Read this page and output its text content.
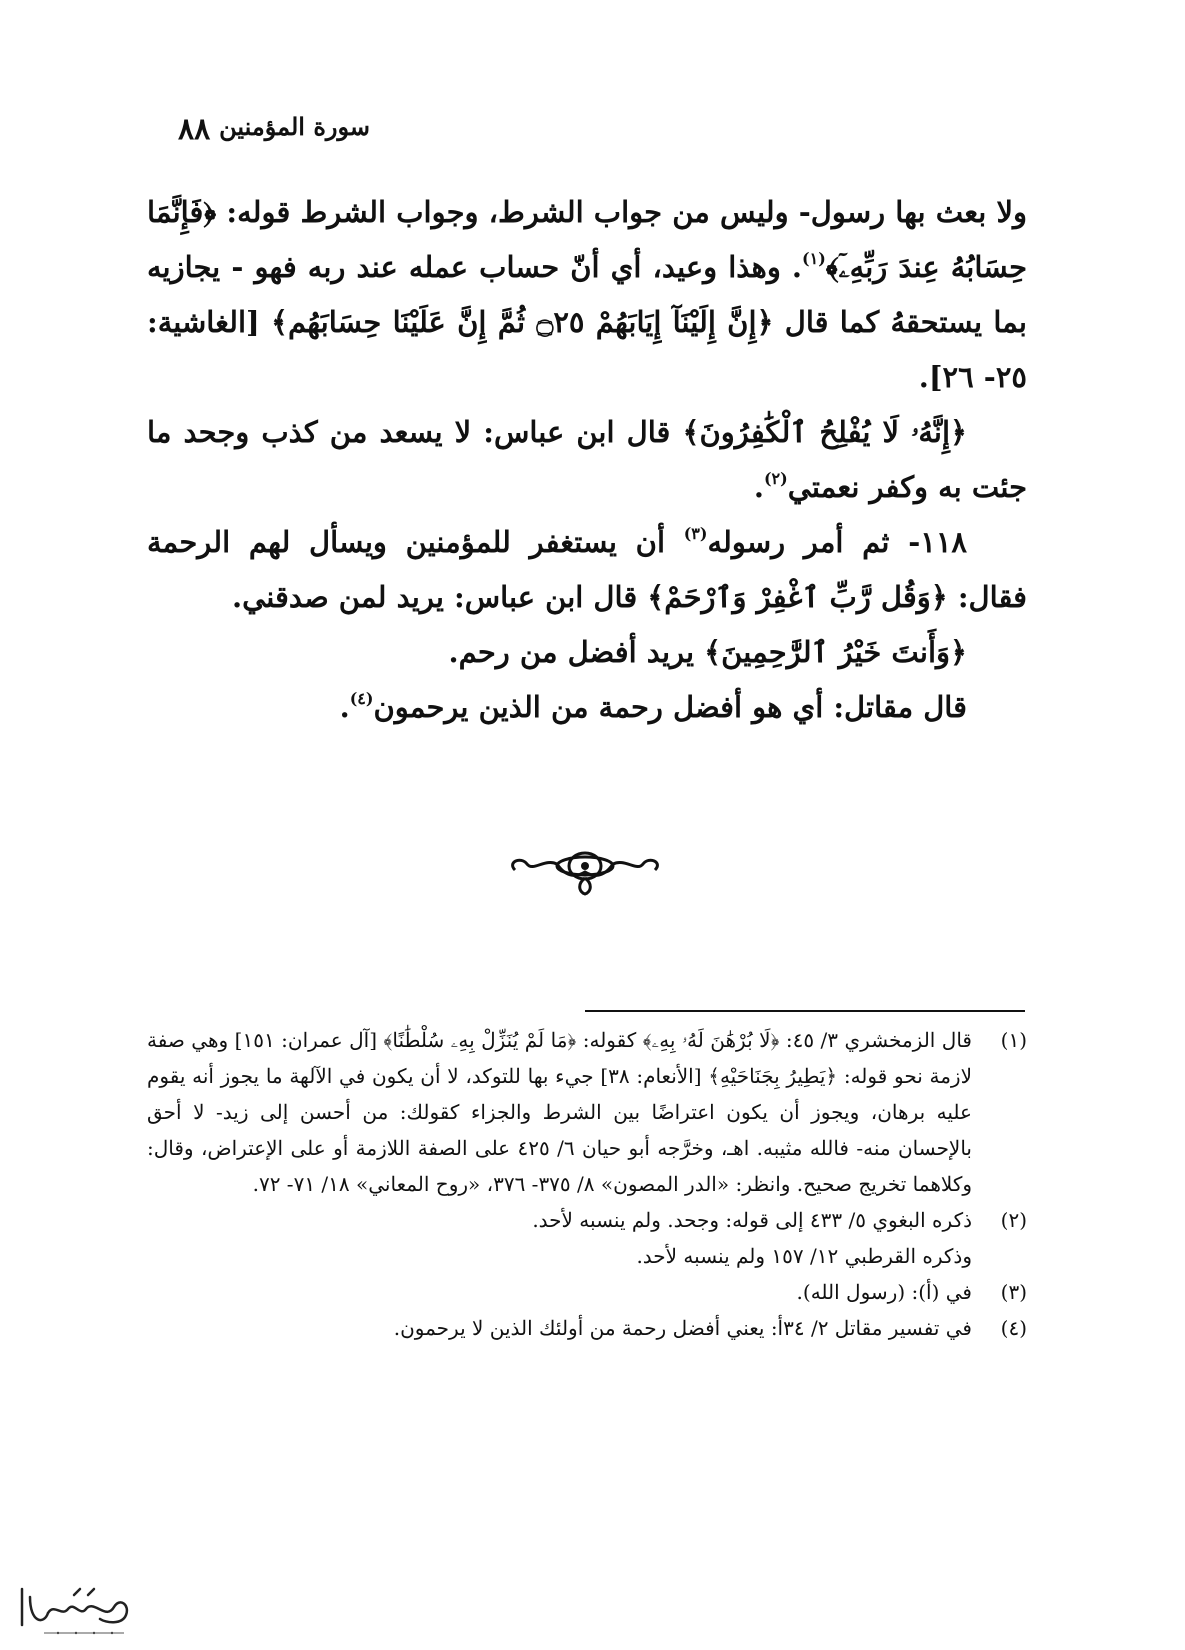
٨٨ سورة المؤمنين

ولا بعث بها رسول- وليس من جواب الشرط، وجواب الشرط قوله: ﴿فَإِنَّمَا حِسَابُهُ عِندَ رَبِّهِۦٓ﴾$^{(١)}$. وهذا وعيد، أي أنّ حساب عمله عند ربه فهو - يجازيه بما يستحقهُ كما قال ﴿إِنَّ إِلَيْنَآ إِيَابَهُمْ ۝٢٥ ثُمَّ إِنَّ عَلَيْنَا حِسَابَهُم﴾ [الغاشية: ٢٥- ٢٦].

﴿إِنَّهُۥ لَا يُفْلِحُ ٱلْكَٰفِرُونَ﴾ قال ابن عباس: لا يسعد من كذب وجحد ما جئت به وكفر نعمتي$^{(٢)}$.

١١٨- ثم أمر رسوله$^{(٣)}$ أن يستغفر للمؤمنين ويسأل لهم الرحمة فقال: ﴿وَقُل رَّبِّ ٱغْفِرْ وَٱرْحَمْ﴾ قال ابن عباس: يريد لمن صدقني.

﴿وَأَنتَ خَيْرُ ٱلرَّٰحِمِينَ﴾ يريد أفضل من رحم.

قال مقاتل: أي هو أفضل رحمة من الذين يرحمون$^{(٤)}$.

(١)
قال الزمخشري ٣/ ٤٥: ﴿لَا بُرْهَٰنَ لَهُۥ بِهِۦ﴾ كقوله: ﴿مَا لَمْ يُنَزِّلْ بِهِۦ سُلْطَٰنًا﴾ [آل عمران: ١٥١] وهي صفة لازمة نحو قوله: ﴿يَطِيرُ بِجَنَاحَيْهِ﴾ [الأنعام: ٣٨] جيء بها للتوكد، لا أن يكون في الآلهة ما يجوز أنه يقوم عليه برهان، ويجوز أن يكون اعتراضًا بين الشرط والجزاء كقولك: من أحسن إلى زيد- لا أحق بالإحسان منه- فالله مثيبه. اهـ، وخرَّجه أبو حيان ٦/ ٤٢٥ على الصفة اللازمة أو على الإعتراض، وقال: وكلاهما تخريج صحيح. وانظر: «الدر المصون» ٨/ ٣٧٥- ٣٧٦، «روح المعاني» ١٨/ ٧١- ٧٢.
(٢)
ذكره البغوي ٥/ ٤٣٣ إلى قوله: وجحد. ولم ينسبه لأحد.
وذكره القرطبي ١٢/ ١٥٧ ولم ينسبه لأحد.
(٣)
في (أ): (رسول الله).
(٤)
في تفسير مقاتل ٢/ ٣٤أ: يعني أفضل رحمة من أولئك الذين لا يرحمون.
